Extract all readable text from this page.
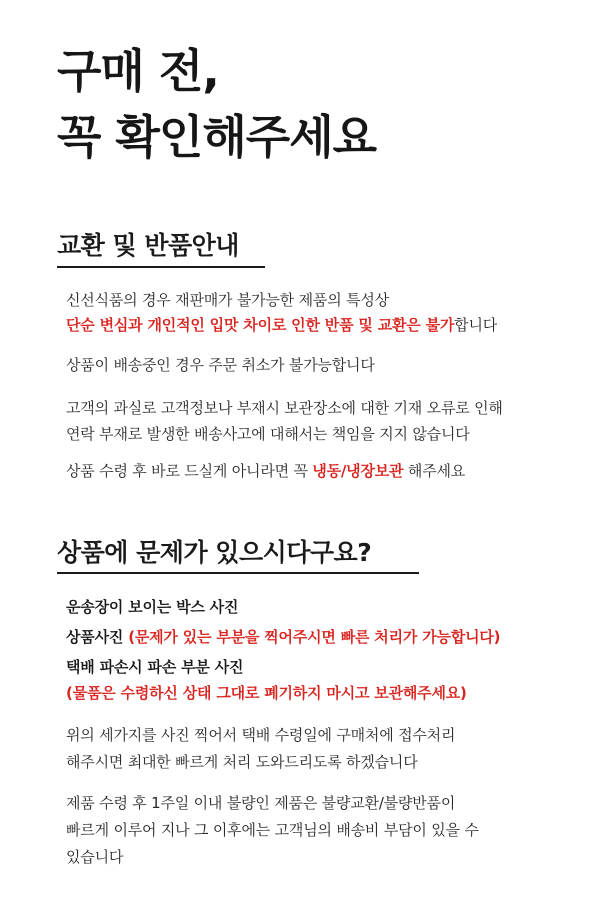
구매 전,
꼭 확인해주세요
교환 및 반품안내

신선식품의 경우 재판매가 불가능한 제품의 특성상

단순 변심과 개인적인 입맛 차이로 인한 반품 및 교환은 불가합니다

상품이 배송중인 경우 주문 취소가 불가능합니다

고객의 과실로 고객정보나 부재시 보관장소에 대한 기재 오류로 인해

연락 부재로 발생한 배송사고에 대해서는 책임을 지지 않습니다

상품 수령 후 바로 드실게 아니라면 꼭 냉동/냉장보관 해주세요

상품에 문제가 있으시다구요?

운송장이 보이는 박스 사진

상품사진 (문제가 있는 부분을 찍어주시면 빠른 처리가 가능합니다)

택배 파손시 파손 부분 사진

(물품은 수령하신 상태 그대로 폐기하지 마시고 보관해주세요)

위의 세가지를 사진 찍어서 택배 수령일에 구매처에 접수처리

해주시면 최대한 빠르게 처리 도와드리도록 하겠습니다

제품 수령 후 1주일 이내 불량인 제품은 불량교환/불량반품이

빠르게 이루어 지나 그 이후에는 고객님의 배송비 부담이 있을 수

있습니다
